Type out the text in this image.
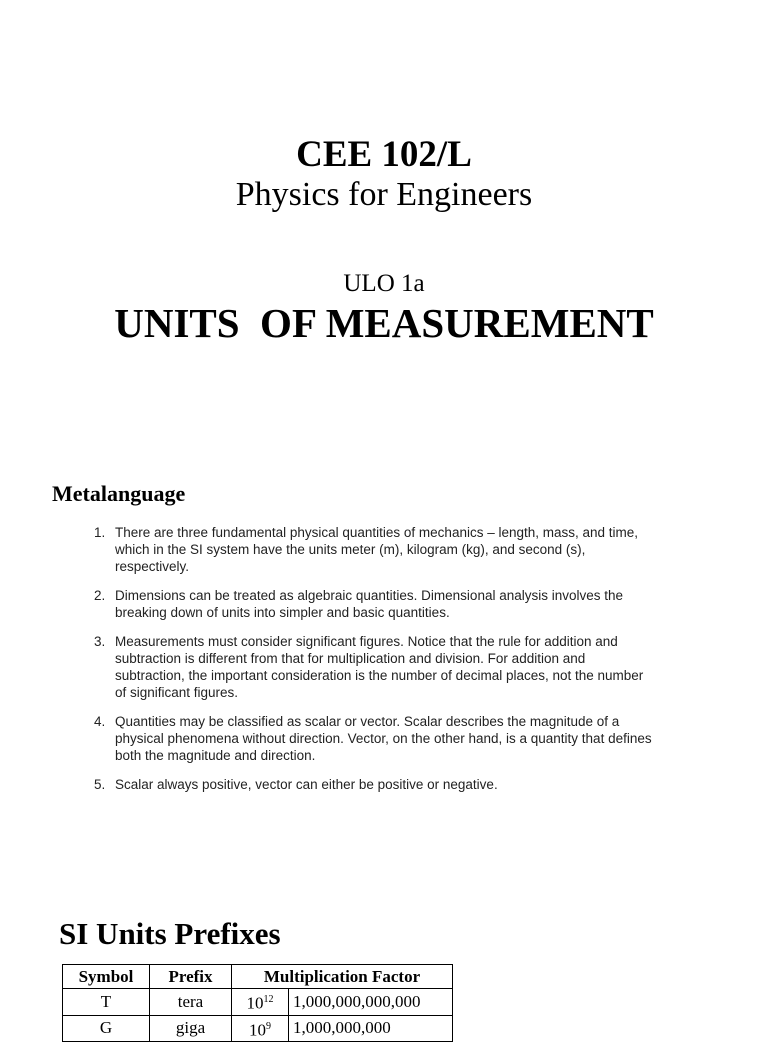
CEE 102/L
Physics for Engineers
ULO 1a
UNITS  OF MEASUREMENT
Metalanguage
1. There are three fundamental physical quantities of mechanics – length, mass, and time, which in the SI system have the units meter (m), kilogram (kg), and second (s), respectively.
2. Dimensions can be treated as algebraic quantities. Dimensional analysis involves the breaking down of units into simpler and basic quantities.
3. Measurements must consider significant figures. Notice that the rule for addition and subtraction is different from that for multiplication and division. For addition and subtraction, the important consideration is the number of decimal places, not the number of significant figures.
4. Quantities may be classified as scalar or vector. Scalar describes the magnitude of a physical phenomena without direction. Vector, on the other hand, is a quantity that defines both the magnitude and direction.
5. Scalar always positive, vector can either be positive or negative.
SI Units Prefixes
Symbol	Prefix	Multiplication Factor	
T	tera	$10^{12}$	1,000,000,000,000
G	giga	$10^9$	1,000,000,000
